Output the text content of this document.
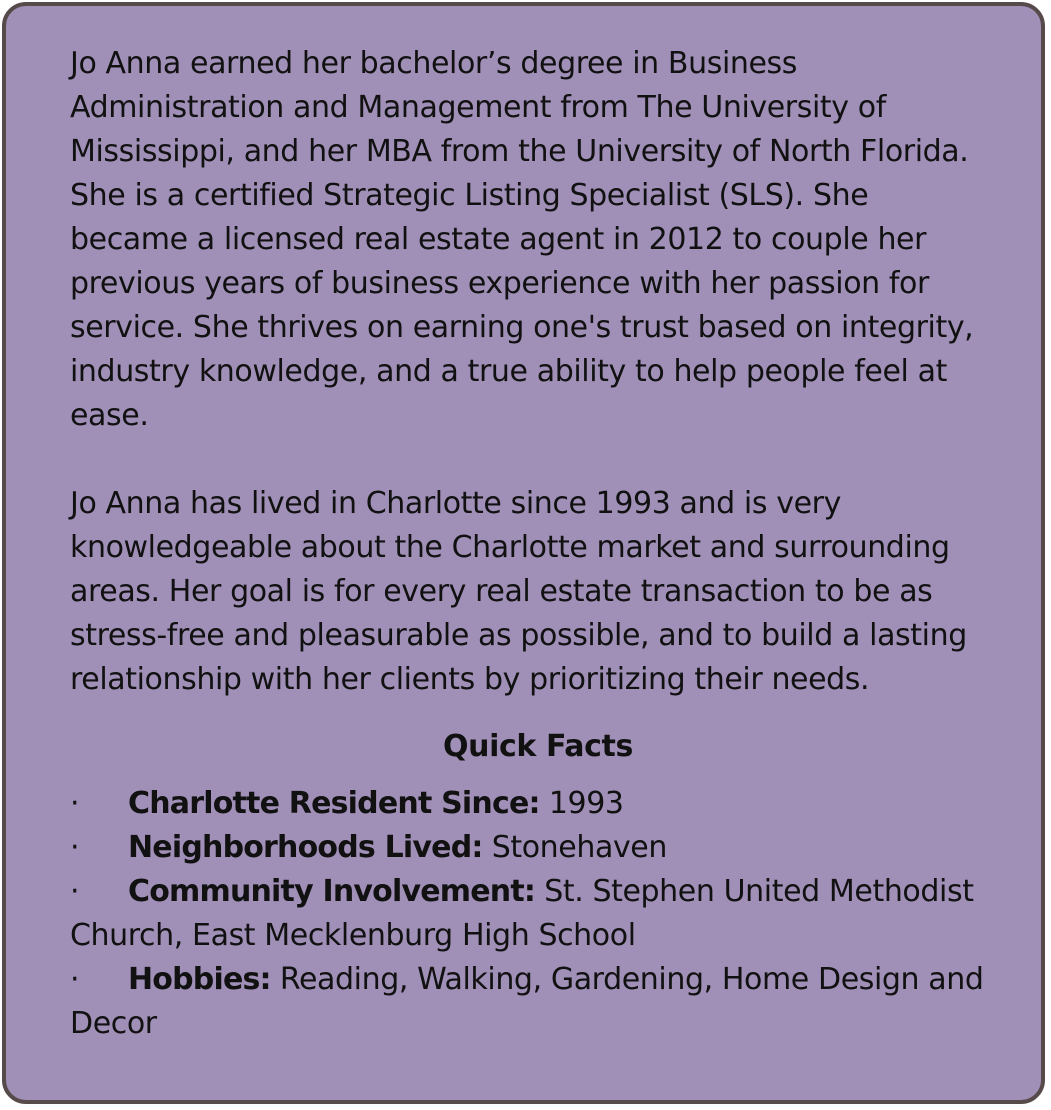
Jo Anna earned her bachelor’s degree in Business Administration and Management from The University of Mississippi, and her MBA from the University of North Florida. She is a certified Strategic Listing Specialist (SLS). She became a licensed real estate agent in 2012 to couple her previous years of business experience with her passion for service. She thrives on earning one's trust based on integrity, industry knowledge, and a true ability to help people feel at ease.

Jo Anna has lived in Charlotte since 1993 and is very knowledgeable about the Charlotte market and surrounding areas. Her goal is for every real estate transaction to be as stress-free and pleasurable as possible, and to build a lasting relationship with her clients by prioritizing their needs.

Quick Facts
· Charlotte Resident Since: 1993
· Neighborhoods Lived: Stonehaven
· Community Involvement: St. Stephen United Methodist Church, East Mecklenburg High School
· Hobbies: Reading, Walking, Gardening, Home Design and Decor
